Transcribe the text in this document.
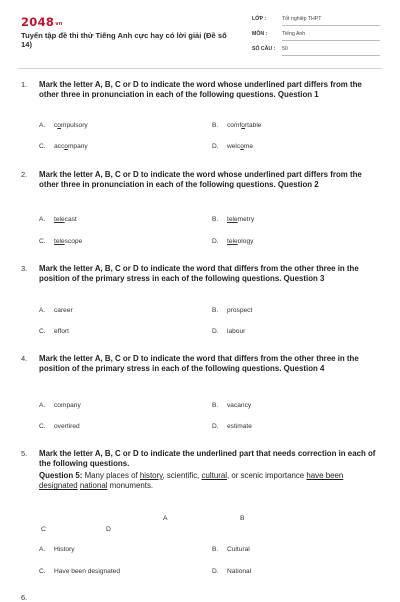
2048vn
Tuyển tập đề thi thử Tiếng Anh cực hay có lời giải (Đề số 14)
LỚP :	Tốt nghiệp THPT
MÔN :	Tiếng Anh
SỐ CÂU : 50
1. Mark the letter A, B, C or D to indicate the word whose underlined part differs from the other three in pronunciation in each of the following questions. Question 1
A. compulsory	B. comfortable
C. accompany	D. welcome
2. Mark the letter A, B, C or D to indicate the word whose underlined part differs from the other three in pronunciation in each of the following questions. Question 2
A. telecast	B. telemetry
C. telescope	D. teleology
3. Mark the letter A, B, C or D to indicate the word that differs from the other three in the position of the primary stress in each of the following questions. Question 3
A. career	B. prospect
C. effort	D. labour
4. Mark the letter A, B, C or D to indicate the word that differs from the other three in the position of the primary stress in each of the following questions. Question 4
A. company	B. vacancy
C. overtired	D. estimate
5. Mark the letter A, B, C or D to indicate the underlined part that needs correction in each of the following questions.
Question 5: Many places of history, scientific, cultural, or scenic importance have been designated national monuments.
A	B
C	D
A. History	B. Cultural
C. Have been designated	D. National
6.
